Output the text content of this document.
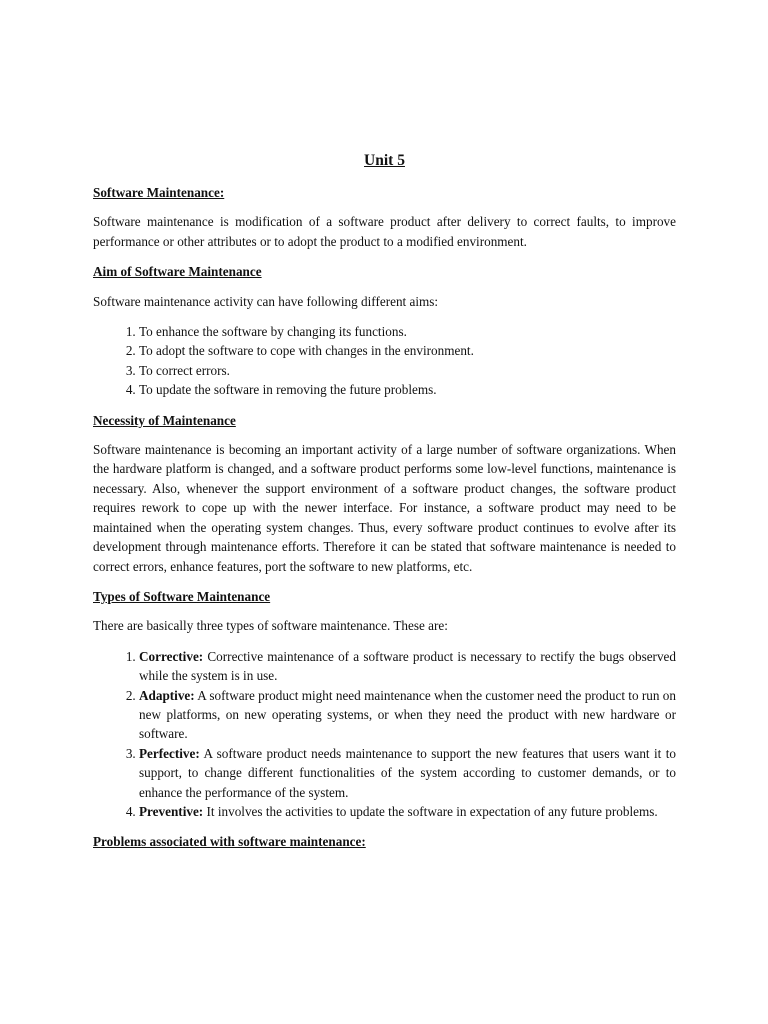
Unit 5
Software Maintenance:
Software maintenance is modification of a software product after delivery to correct faults, to improve performance or other attributes or to adopt the product to a modified environment.
Aim of Software Maintenance
Software maintenance activity can have following different aims:
1. To enhance the software by changing its functions.
2. To adopt the software to cope with changes in the environment.
3. To correct errors.
4. To update the software in removing the future problems.
Necessity of Maintenance
Software maintenance is becoming an important activity of a large number of software organizations. When the hardware platform is changed, and a software product performs some low-level functions, maintenance is necessary. Also, whenever the support environment of a software product changes, the software product requires rework to cope up with the newer interface. For instance, a software product may need to be maintained when the operating system changes. Thus, every software product continues to evolve after its development through maintenance efforts. Therefore it can be stated that software maintenance is needed to correct errors, enhance features, port the software to new platforms, etc.
Types of Software Maintenance
There are basically three types of software maintenance. These are:
1. Corrective: Corrective maintenance of a software product is necessary to rectify the bugs observed while the system is in use.
2. Adaptive: A software product might need maintenance when the customer need the product to run on new platforms, on new operating systems, or when they need the product with new hardware or software.
3. Perfective: A software product needs maintenance to support the new features that users want it to support, to change different functionalities of the system according to customer demands, or to enhance the performance of the system.
4. Preventive: It involves the activities to update the software in expectation of any future problems.
Problems associated with software maintenance:
